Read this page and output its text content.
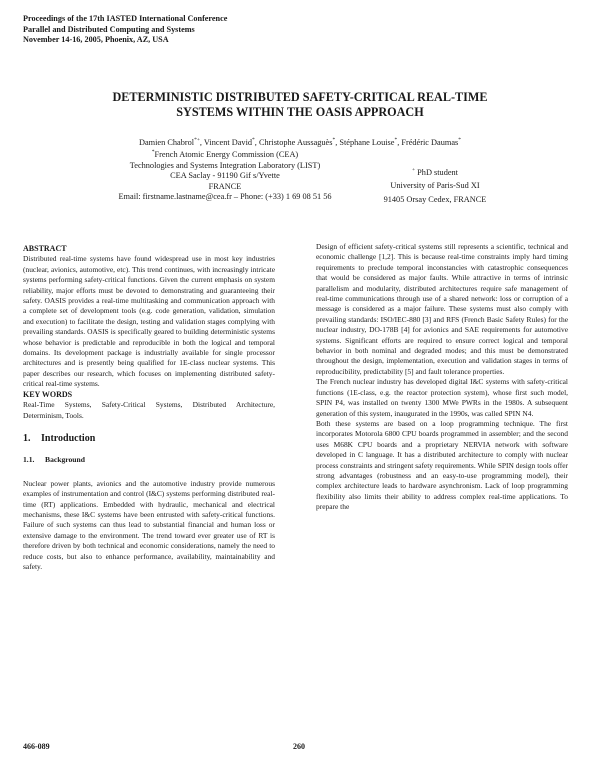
Proceedings of the 17th IASTED International Conference
Parallel and Distributed Computing and Systems
November 14-16, 2005, Phoenix, AZ, USA
DETERMINISTIC DISTRIBUTED SAFETY-CRITICAL REAL-TIME
SYSTEMS WITHIN THE OASIS APPROACH
Damien Chabrol*+, Vincent David*, Christophe Aussaguès*, Stéphane Louise*, Frédéric Daumas*
*French Atomic Energy Commission (CEA)
Technologies and Systems Integration Laboratory (LIST)
CEA Saclay - 91190 Gif s/Yvette
FRANCE
Email: firstname.lastname@cea.fr – Phone: (+33) 1 69 08 51 56
+ PhD student
University of Paris-Sud XI
91405 Orsay Cedex, FRANCE

ABSTRACT

Distributed real-time systems have found widespread use in most key industries (nuclear, avionics, automotive, etc). This trend continues, with increasingly intricate systems performing safety-critical functions. Given the current emphasis on system reliability, major efforts must be devoted to demonstrating and guaranteeing their safety. OASIS provides a real-time multitasking and communication approach with a complete set of development tools (e.g. code generation, validation, simulation and execution) to facilitate the design, testing and validation stages complying with prevailing standards. OASIS is specifically geared to building deterministic systems whose behavior is predictable and reproducible in both the logical and temporal domains. Its development package is industrially available for single processor architectures and is presently being qualified for 1E-class nuclear systems. This paper describes our research, which focuses on implementing distributed safety-critical real-time systems.

KEY WORDS

Real-Time Systems, Safety-Critical Systems, Distributed Architecture, Determinism, Tools.

1.	Introduction
1.1.	Background

Nuclear power plants, avionics and the automotive industry provide numerous examples of instrumentation and control (I&C) systems performing distributed real-time (RT) applications. Embedded with hydraulic, mechanical and electrical mechanisms, these I&C systems have been entrusted with safety-critical functions. Failure of such systems can thus lead to substantial financial and human loss or extensive damage to the environment. The trend toward ever greater use of RT is therefore driven by both technical and economic considerations, namely the need to reduce costs, but also to enhance performance, availability, maintainability and safety.

Design of efficient safety-critical systems still represents a scientific, technical and economic challenge [1,2]. This is because real-time constraints imply hard timing requirements to preclude temporal inconstancies with catastrophic consequences that would be considered as major faults. While attractive in terms of intrinsic parallelism and modularity, distributed architectures require safe management of real-time communications through use of a shared network: loss or corruption of a message is considered as a major failure. These systems must also comply with prevailing standards: ISO/IEC-880 [3] and RFS (French Basic Safety Rules) for the nuclear industry, DO-178B [4] for avionics and SAE requirements for automotive systems. Significant efforts are required to ensure correct logical and temporal behavior in both nominal and degraded modes; and this must be demonstrated throughout the design, implementation, execution and validation stages in terms of reproducibility, predictability [5] and fault tolerance properties.

The French nuclear industry has developed digital I&C systems with safety-critical functions (1E-class, e.g. the reactor protection system), whose first such model, SPIN P4, was installed on twenty 1300 MWe PWRs in the 1980s. A subsequent generation of this system, inaugurated in the 1990s, was called SPIN N4.

Both these systems are based on a loop programming technique. The first incorporates Motorola 6800 CPU boards programmed in assembler; and the second uses M68K CPU boards and a proprietary NERVIA network with software developed in C language. It has a distributed architecture to comply with nuclear process constraints and stringent safety requirements. While SPIN design tools offer strong advantages (robustness and an easy-to-use programming model), their complex architecture leads to hardware asynchronism. Lack of loop programming flexibility also limits their ability to address complex real-time applications. To prepare the

466-089	260
